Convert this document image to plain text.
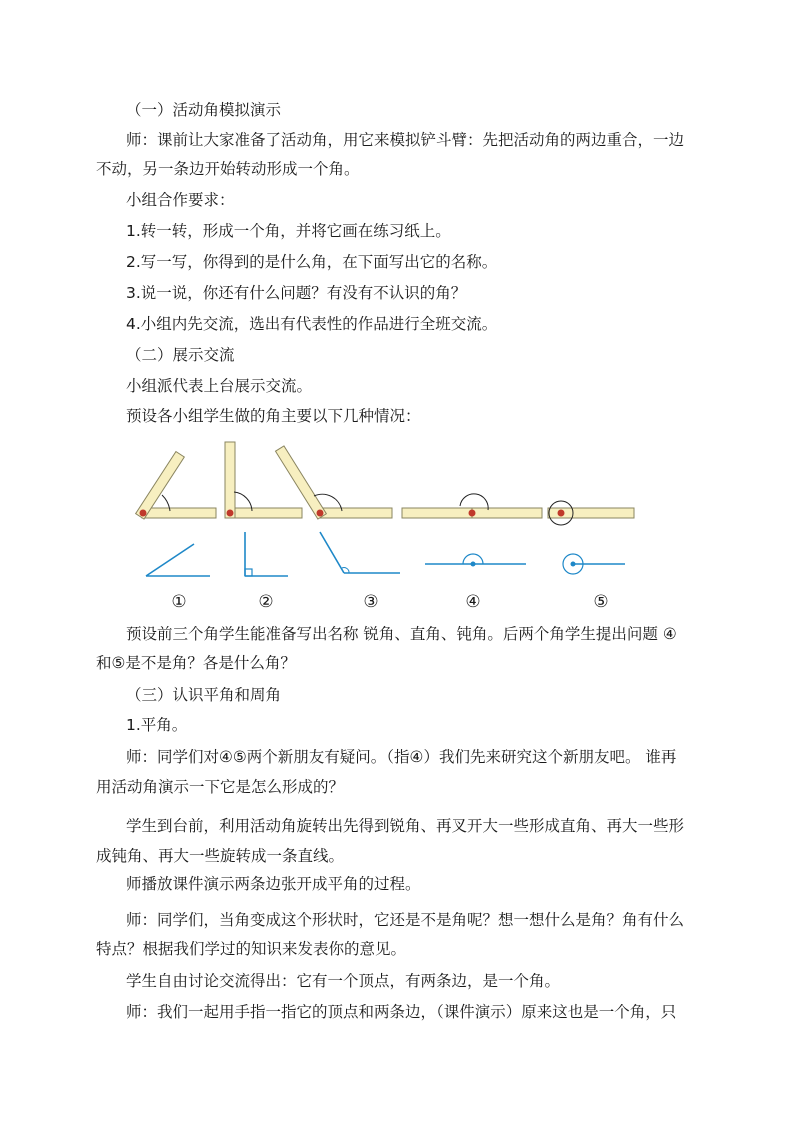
（一）活动角模拟演示
师：课前让大家准备了活动角，用它来模拟铲斗臂：先把活动角的两边重合，一边
不动，另一条边开始转动形成一个角。
小组合作要求：
1.转一转，形成一个角，并将它画在练习纸上。
2.写一写，你得到的是什么角，在下面写出它的名称。
3.说一说，你还有什么问题？有没有不认识的角？
4.小组内先交流，选出有代表性的作品进行全班交流。
（二）展示交流
小组派代表上台展示交流。
预设各小组学生做的角主要以下几种情况：
①	②	③	④	⑤
预设前三个角学生能准备写出名称 锐角、直角、钝角。后两个角学生提出问题 ④
和⑤是不是角？各是什么角？
（三）认识平角和周角
1.平角。
师：同学们对④⑤两个新朋友有疑问。（指④）我们先来研究这个新朋友吧。 谁再
用活动角演示一下它是怎么形成的？
学生到台前，利用活动角旋转出先得到锐角、再叉开大一些形成直角、再大一些形
成钝角、再大一些旋转成一条直线。
师播放课件演示两条边张开成平角的过程。
师：同学们，当角变成这个形状时，它还是不是角呢？想一想什么是角？角有什么
特点？根据我们学过的知识来发表你的意见。
学生自由讨论交流得出：它有一个顶点，有两条边，是一个角。
师：我们一起用手指一指它的顶点和两条边，（课件演示）原来这也是一个角，只
